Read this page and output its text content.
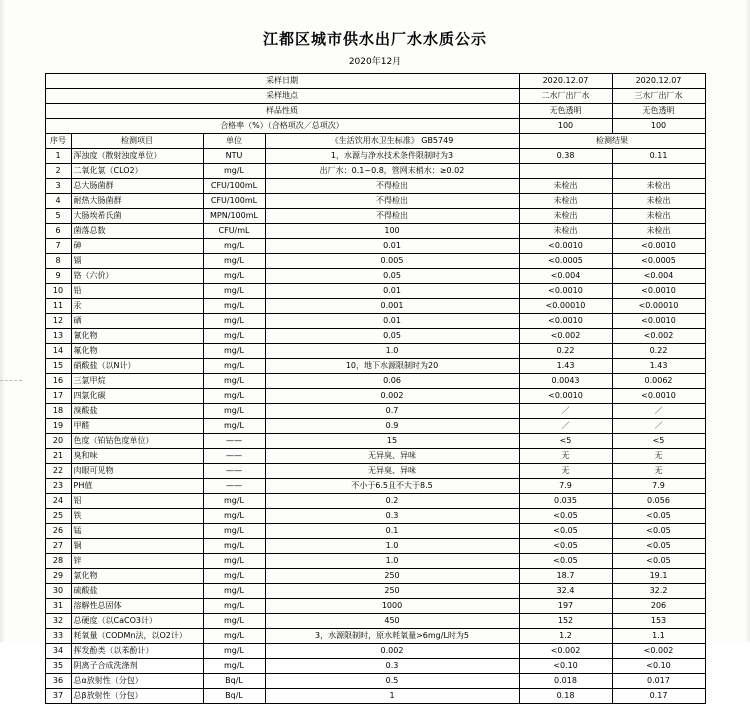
江都区城市供水出厂水水质公示
2020年12月
采样日期				2020.12.07	2020.12.07
采样地点				二水厂出厂水	三水厂出厂水
样品性质				无色透明	无色透明
合格率（%）（合格项次／总项次）				100	100
序号	检测项目	单位	《生活饮用水卫生标准》 GB5749	检测结果	
1	浑浊度（散射浊度单位）	NTU	1，水源与净水技术条件限制时为3	0.38	0.11
2	二氧化氯（CLO2）	mg/L	出厂水：0.1~0.8，管网末梢水：≥0.02		
3	总大肠菌群	CFU/100mL	不得检出	未检出	未检出
4	耐热大肠菌群	CFU/100mL	不得检出	未检出	未检出
5	大肠埃希氏菌	MPN/100mL	不得检出	未检出	未检出
6	菌落总数	CFU/mL	100	未检出	未检出
7	砷	mg/L	0.01	<0.0010	<0.0010
8	镉	mg/L	0.005	<0.0005	<0.0005
9	铬（六价）	mg/L	0.05	<0.004	<0.004
10	铅	mg/L	0.01	<0.0010	<0.0010
11	汞	mg/L	0.001	<0.00010	<0.00010
12	硒	mg/L	0.01	<0.0010	<0.0010
13	氰化物	mg/L	0.05	<0.002	<0.002
14	氟化物	mg/L	1.0	0.22	0.22
15	硝酸盐（以N计）	mg/L	10，地下水源限制时为20	1.43	1.43
16	三氯甲烷	mg/L	0.06	0.0043	0.0062
17	四氯化碳	mg/L	0.002	<0.0010	<0.0010
18	溴酸盐	mg/L	0.7	／	／
19	甲醛	mg/L	0.9	／	／
20	色度（铂钴色度单位）	——	15	<5	<5
21	臭和味	——	无异臭、异味	无	无
22	肉眼可见物	——	无异臭、异味	无	无
23	PH值	——	不小于6.5且不大于8.5	7.9	7.9
24	铝	mg/L	0.2	0.035	0.056
25	铁	mg/L	0.3	<0.05	<0.05
26	锰	mg/L	0.1	<0.05	<0.05
27	铜	mg/L	1.0	<0.05	<0.05
28	锌	mg/L	1.0	<0.05	<0.05
29	氯化物	mg/L	250	18.7	19.1
30	硫酸盐	mg/L	250	32.4	32.2
31	溶解性总固体	mg/L	1000	197	206
32	总硬度（以CaCO3计）	mg/L	450	152	153
33	耗氧量（CODMn法，以O2计）	mg/L	3，水源限制时，原水耗氧量>6mg/L时为5	1.2	1.1
34	挥发酚类（以苯酚计）	mg/L	0.002	<0.002	<0.002
35	阴离子合成洗涤剂	mg/L	0.3	<0.10	<0.10
36	总α放射性（分包）	Bq/L	0.5	0.018	0.017
37	总β放射性（分包）	Bq/L	1	0.18	0.17
